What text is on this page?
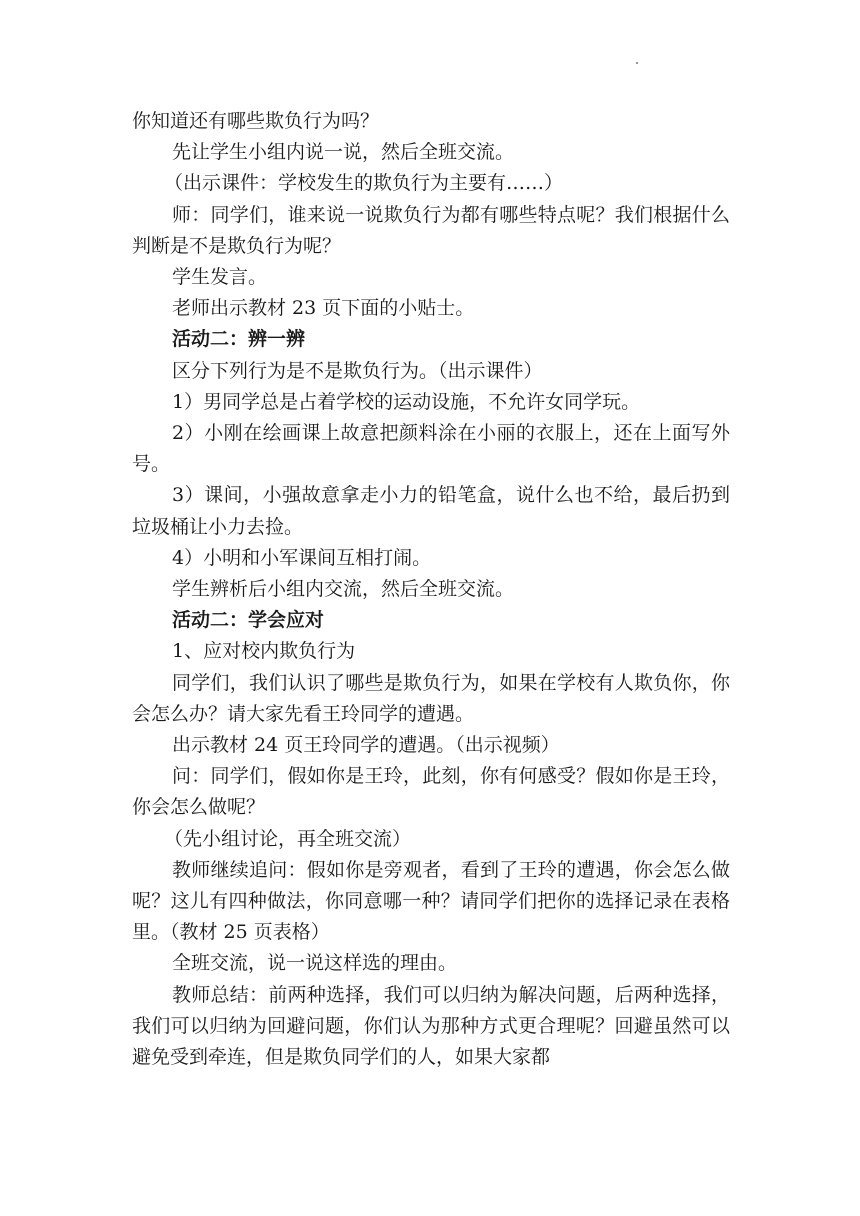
你知道还有哪些欺负行为吗？

先让学生小组内说一说，然后全班交流。

（出示课件：学校发生的欺负行为主要有……）

师：同学们，谁来说一说欺负行为都有哪些特点呢？我们根据什么判断是不是欺负行为呢？

学生发言。

老师出示教材 23 页下面的小贴士。

活动二：辨一辨

区分下列行为是不是欺负行为。（出示课件）

1）男同学总是占着学校的运动设施，不允许女同学玩。

2）小刚在绘画课上故意把颜料涂在小丽的衣服上，还在上面写外号。

3）课间，小强故意拿走小力的铅笔盒，说什么也不给，最后扔到垃圾桶让小力去捡。

4）小明和小军课间互相打闹。

学生辨析后小组内交流，然后全班交流。

活动二：学会应对

1、应对校内欺负行为

同学们，我们认识了哪些是欺负行为，如果在学校有人欺负你，你会怎么办？请大家先看王玲同学的遭遇。

出示教材 24 页王玲同学的遭遇。（出示视频）

问：同学们，假如你是王玲，此刻，你有何感受？假如你是王玲，你会怎么做呢？

（先小组讨论，再全班交流）

教师继续追问：假如你是旁观者，看到了王玲的遭遇，你会怎么做呢？这儿有四种做法，你同意哪一种？请同学们把你的选择记录在表格里。（教材 25 页表格）

全班交流，说一说这样选的理由。

教师总结：前两种选择，我们可以归纳为解决问题，后两种选择，我们可以归纳为回避问题，你们认为那种方式更合理呢？回避虽然可以避免受到牵连，但是欺负同学们的人，如果大家都
